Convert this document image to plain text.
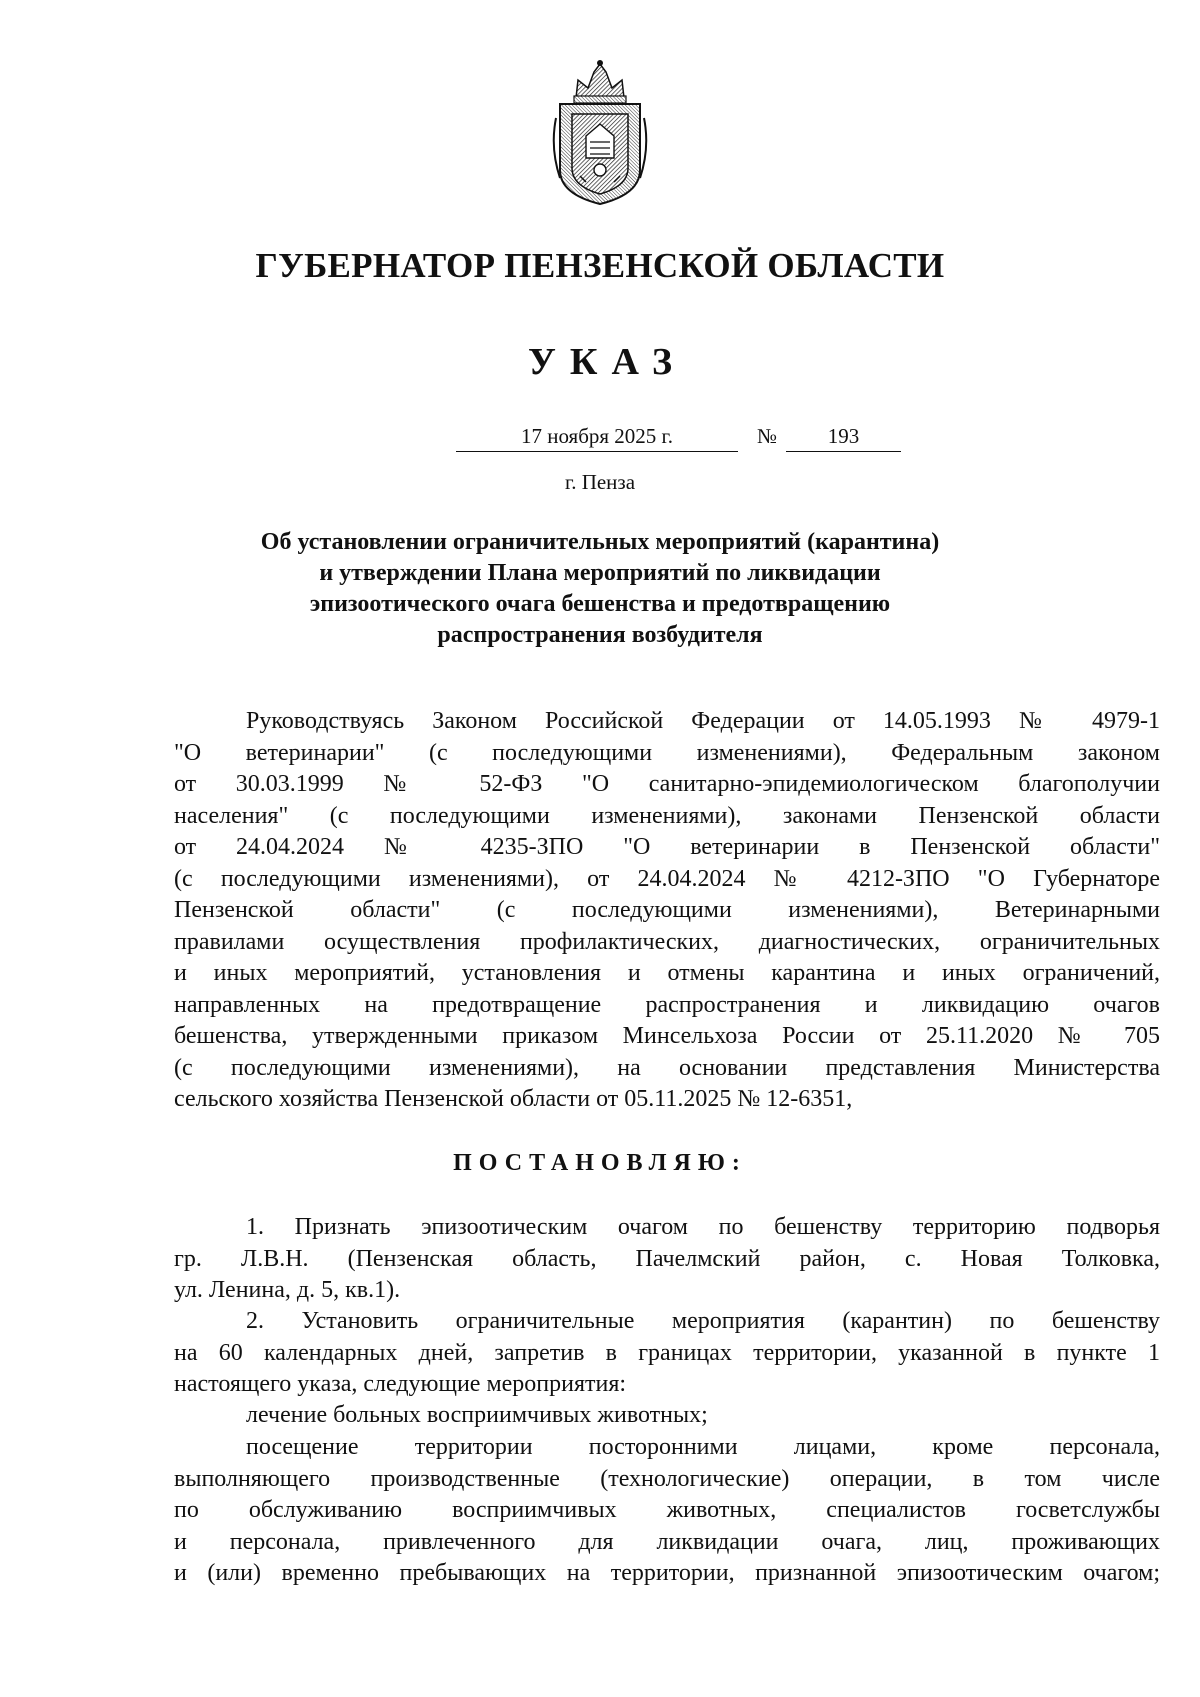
ГУБЕРНАТОР ПЕНЗЕНСКОЙ ОБЛАСТИ
УКАЗ
17 ноября 2025 г.	№	193
г. Пенза
Об установлении ограничительных мероприятий (карантина)
и утверждении Плана мероприятий по ликвидации
эпизоотического очага бешенства и предотвращению
распространения возбудителя
Руководствуясь Законом Российской Федерации от 14.05.1993 № 4979-1
"О ветеринарии" (с последующими изменениями), Федеральным законом
от 30.03.1999 № 52-ФЗ "О санитарно-эпидемиологическом благополучии
населения" (с последующими изменениями), законами Пензенской области
от 24.04.2024 № 4235-ЗПО "О ветеринарии в Пензенской области"
(с последующими изменениями), от 24.04.2024 № 4212-ЗПО "О Губернаторе
Пензенской области" (с последующими изменениями), Ветеринарными
правилами осуществления профилактических, диагностических, ограничительных
и иных мероприятий, установления и отмены карантина и иных ограничений,
направленных на предотвращение распространения и ликвидацию очагов
бешенства, утвержденными приказом Минсельхоза России от 25.11.2020 № 705
(с последующими изменениями), на основании представления Министерства
сельского хозяйства Пензенской области от 05.11.2025 № 12-6351,
ПОСТАНОВЛЯЮ:
1. Признать эпизоотическим очагом по бешенству территорию подворья
гр. Л.В.Н. (Пензенская область, Пачелмский район, с. Новая Толковка,
ул. Ленина, д. 5, кв.1).
2. Установить ограничительные мероприятия (карантин) по бешенству
на 60 календарных дней, запретив в границах территории, указанной в пункте 1
настоящего указа, следующие мероприятия:
лечение больных восприимчивых животных;
посещение территории посторонними лицами, кроме персонала,
выполняющего производственные (технологические) операции, в том числе
по обслуживанию восприимчивых животных, специалистов госветслужбы
и персонала, привлеченного для ликвидации очага, лиц, проживающих
и (или) временно пребывающих на территории, признанной эпизоотическим очагом;
